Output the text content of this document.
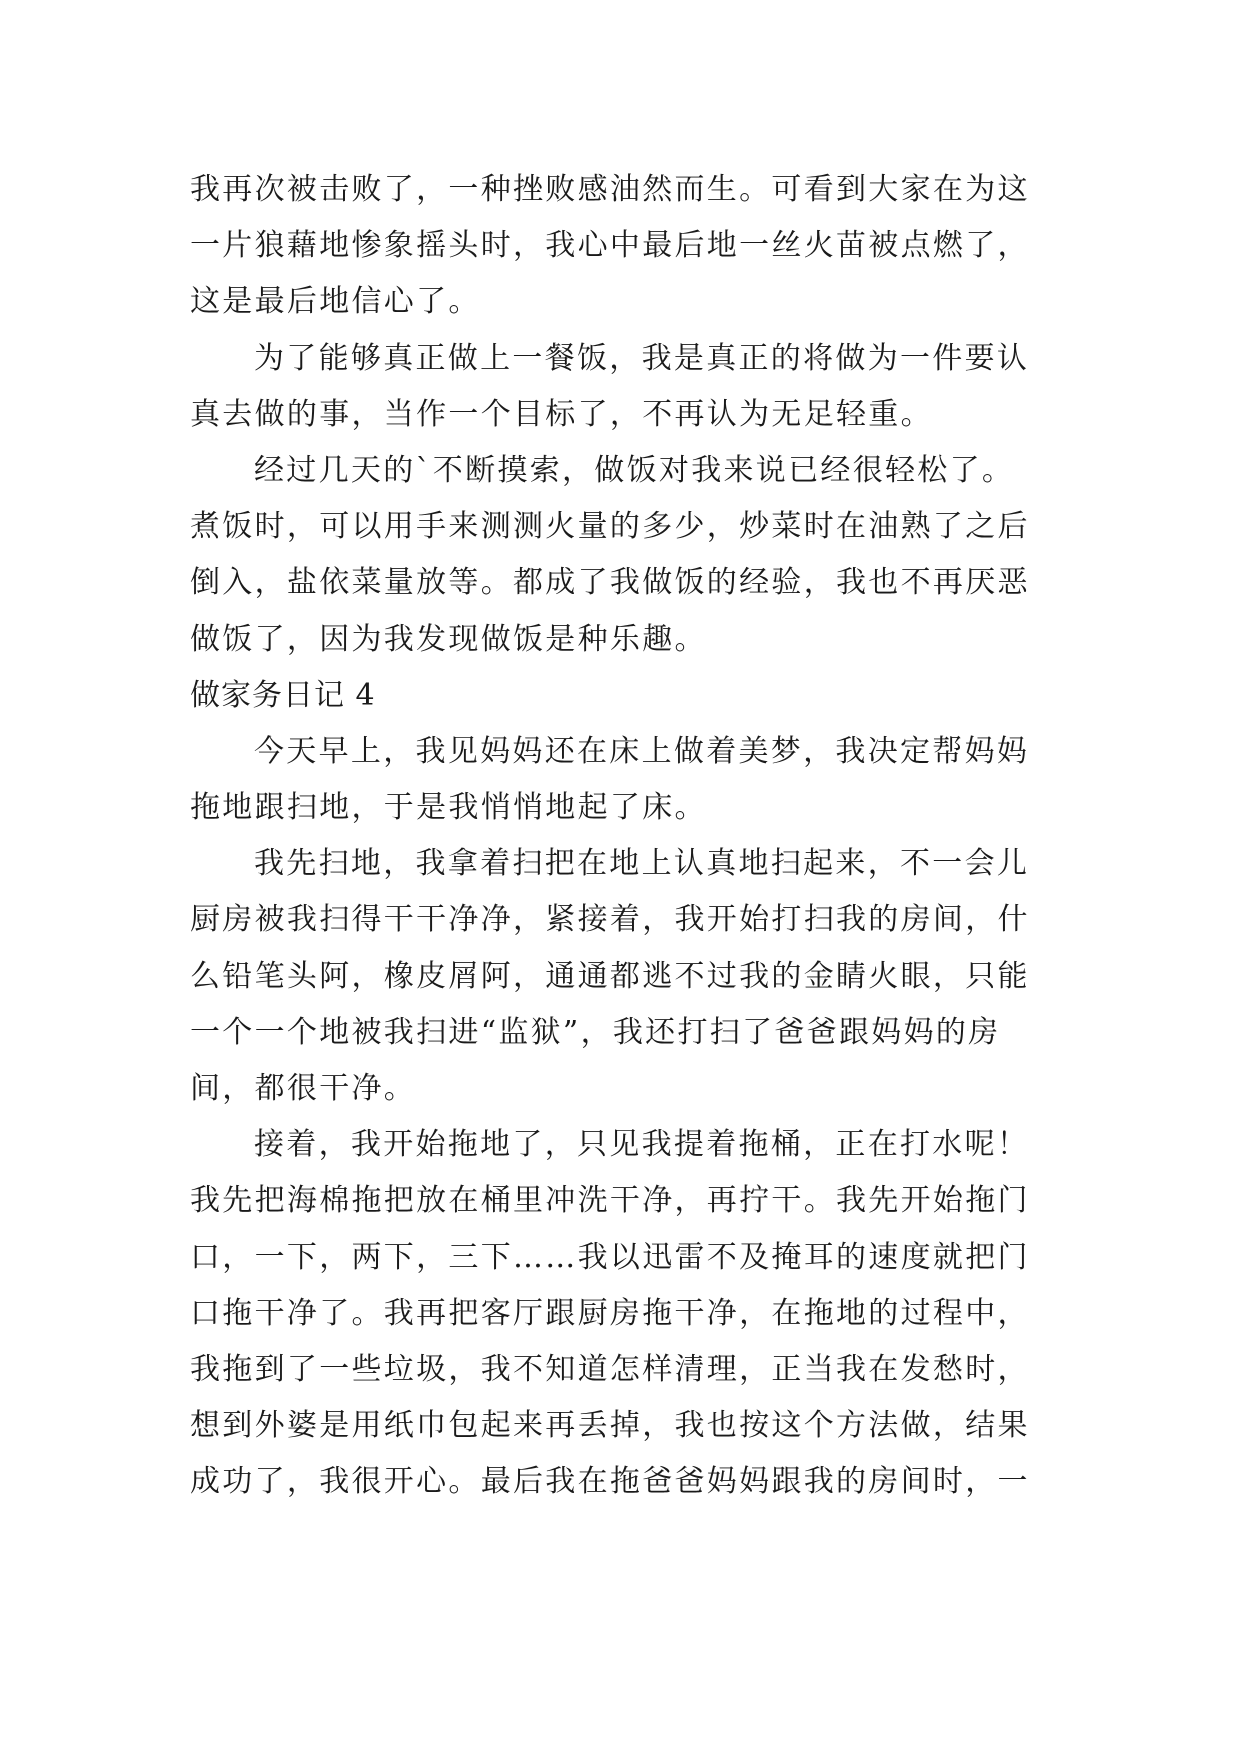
我再次被击败了，一种挫败感油然而生。可看到大家在为这
一片狼藉地惨象摇头时，我心中最后地一丝火苗被点燃了，
这是最后地信心了。
为了能够真正做上一餐饭，我是真正的将做为一件要认
真去做的事，当作一个目标了，不再认为无足轻重。
经过几天的`不断摸索，做饭对我来说已经很轻松了。
煮饭时，可以用手来测测火量的多少，炒菜时在油熟了之后
倒入，盐依菜量放等。都成了我做饭的经验，我也不再厌恶
做饭了，因为我发现做饭是种乐趣。
做家务日记 4
今天早上，我见妈妈还在床上做着美梦，我决定帮妈妈
拖地跟扫地，于是我悄悄地起了床。
我先扫地，我拿着扫把在地上认真地扫起来，不一会儿
厨房被我扫得干干净净，紧接着，我开始打扫我的房间，什
么铅笔头阿，橡皮屑阿，通通都逃不过我的金睛火眼，只能
一个一个地被我扫进“监狱”，我还打扫了爸爸跟妈妈的房
间，都很干净。
接着，我开始拖地了，只见我提着拖桶，正在打水呢！
我先把海棉拖把放在桶里冲洗干净，再拧干。我先开始拖门
口，一下，两下，三下……我以迅雷不及掩耳的速度就把门
口拖干净了。我再把客厅跟厨房拖干净，在拖地的过程中，
我拖到了一些垃圾，我不知道怎样清理，正当我在发愁时，
想到外婆是用纸巾包起来再丢掉，我也按这个方法做，结果
成功了，我很开心。最后我在拖爸爸妈妈跟我的房间时，一
